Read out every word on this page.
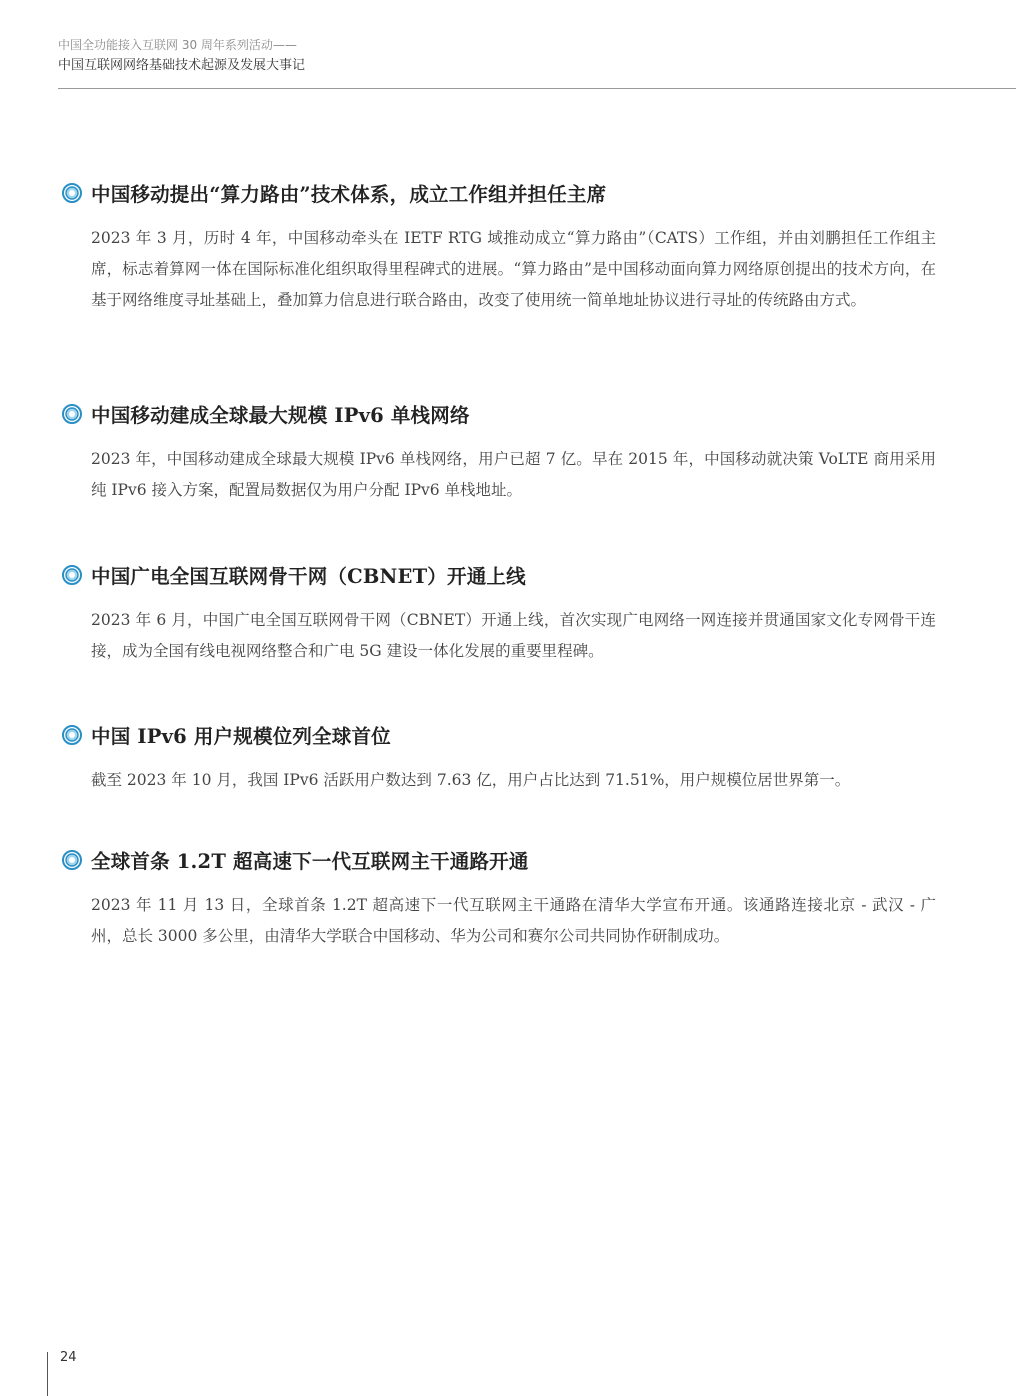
中国全功能接入互联网 30 周年系列活动——
中国互联网网络基础技术起源及发展大事记
中国移动提出“算力路由”技术体系，成立工作组并担任主席
2023 年 3 月，历时 4 年，中国移动牵头在 IETF RTG 域推动成立“算力路由”（CATS）工作组，并由刘鹏担任工作组主席，标志着算网一体在国际标准化组织取得里程碑式的进展。“算力路由”是中国移动面向算力网络原创提出的技术方向，在基于网络维度寻址基础上，叠加算力信息进行联合路由，改变了使用统一简单地址协议进行寻址的传统路由方式。
中国移动建成全球最大规模 IPv6 单栈网络
2023 年，中国移动建成全球最大规模 IPv6 单栈网络，用户已超 7 亿。早在 2015 年，中国移动就决策 VoLTE 商用采用纯 IPv6 接入方案，配置局数据仅为用户分配 IPv6 单栈地址。
中国广电全国互联网骨干网（CBNET）开通上线
2023 年 6 月，中国广电全国互联网骨干网（CBNET）开通上线，首次实现广电网络一网连接并贯通国家文化专网骨干连接，成为全国有线电视网络整合和广电 5G 建设一体化发展的重要里程碑。
中国 IPv6 用户规模位列全球首位
截至 2023 年 10 月，我国 IPv6 活跃用户数达到 7.63 亿，用户占比达到 71.51%，用户规模位居世界第一。
全球首条 1.2T 超高速下一代互联网主干通路开通
2023 年 11 月 13 日，全球首条 1.2T 超高速下一代互联网主干通路在清华大学宣布开通。该通路连接北京 - 武汉 - 广州，总长 3000 多公里，由清华大学联合中国移动、华为公司和赛尔公司共同协作研制成功。
24
